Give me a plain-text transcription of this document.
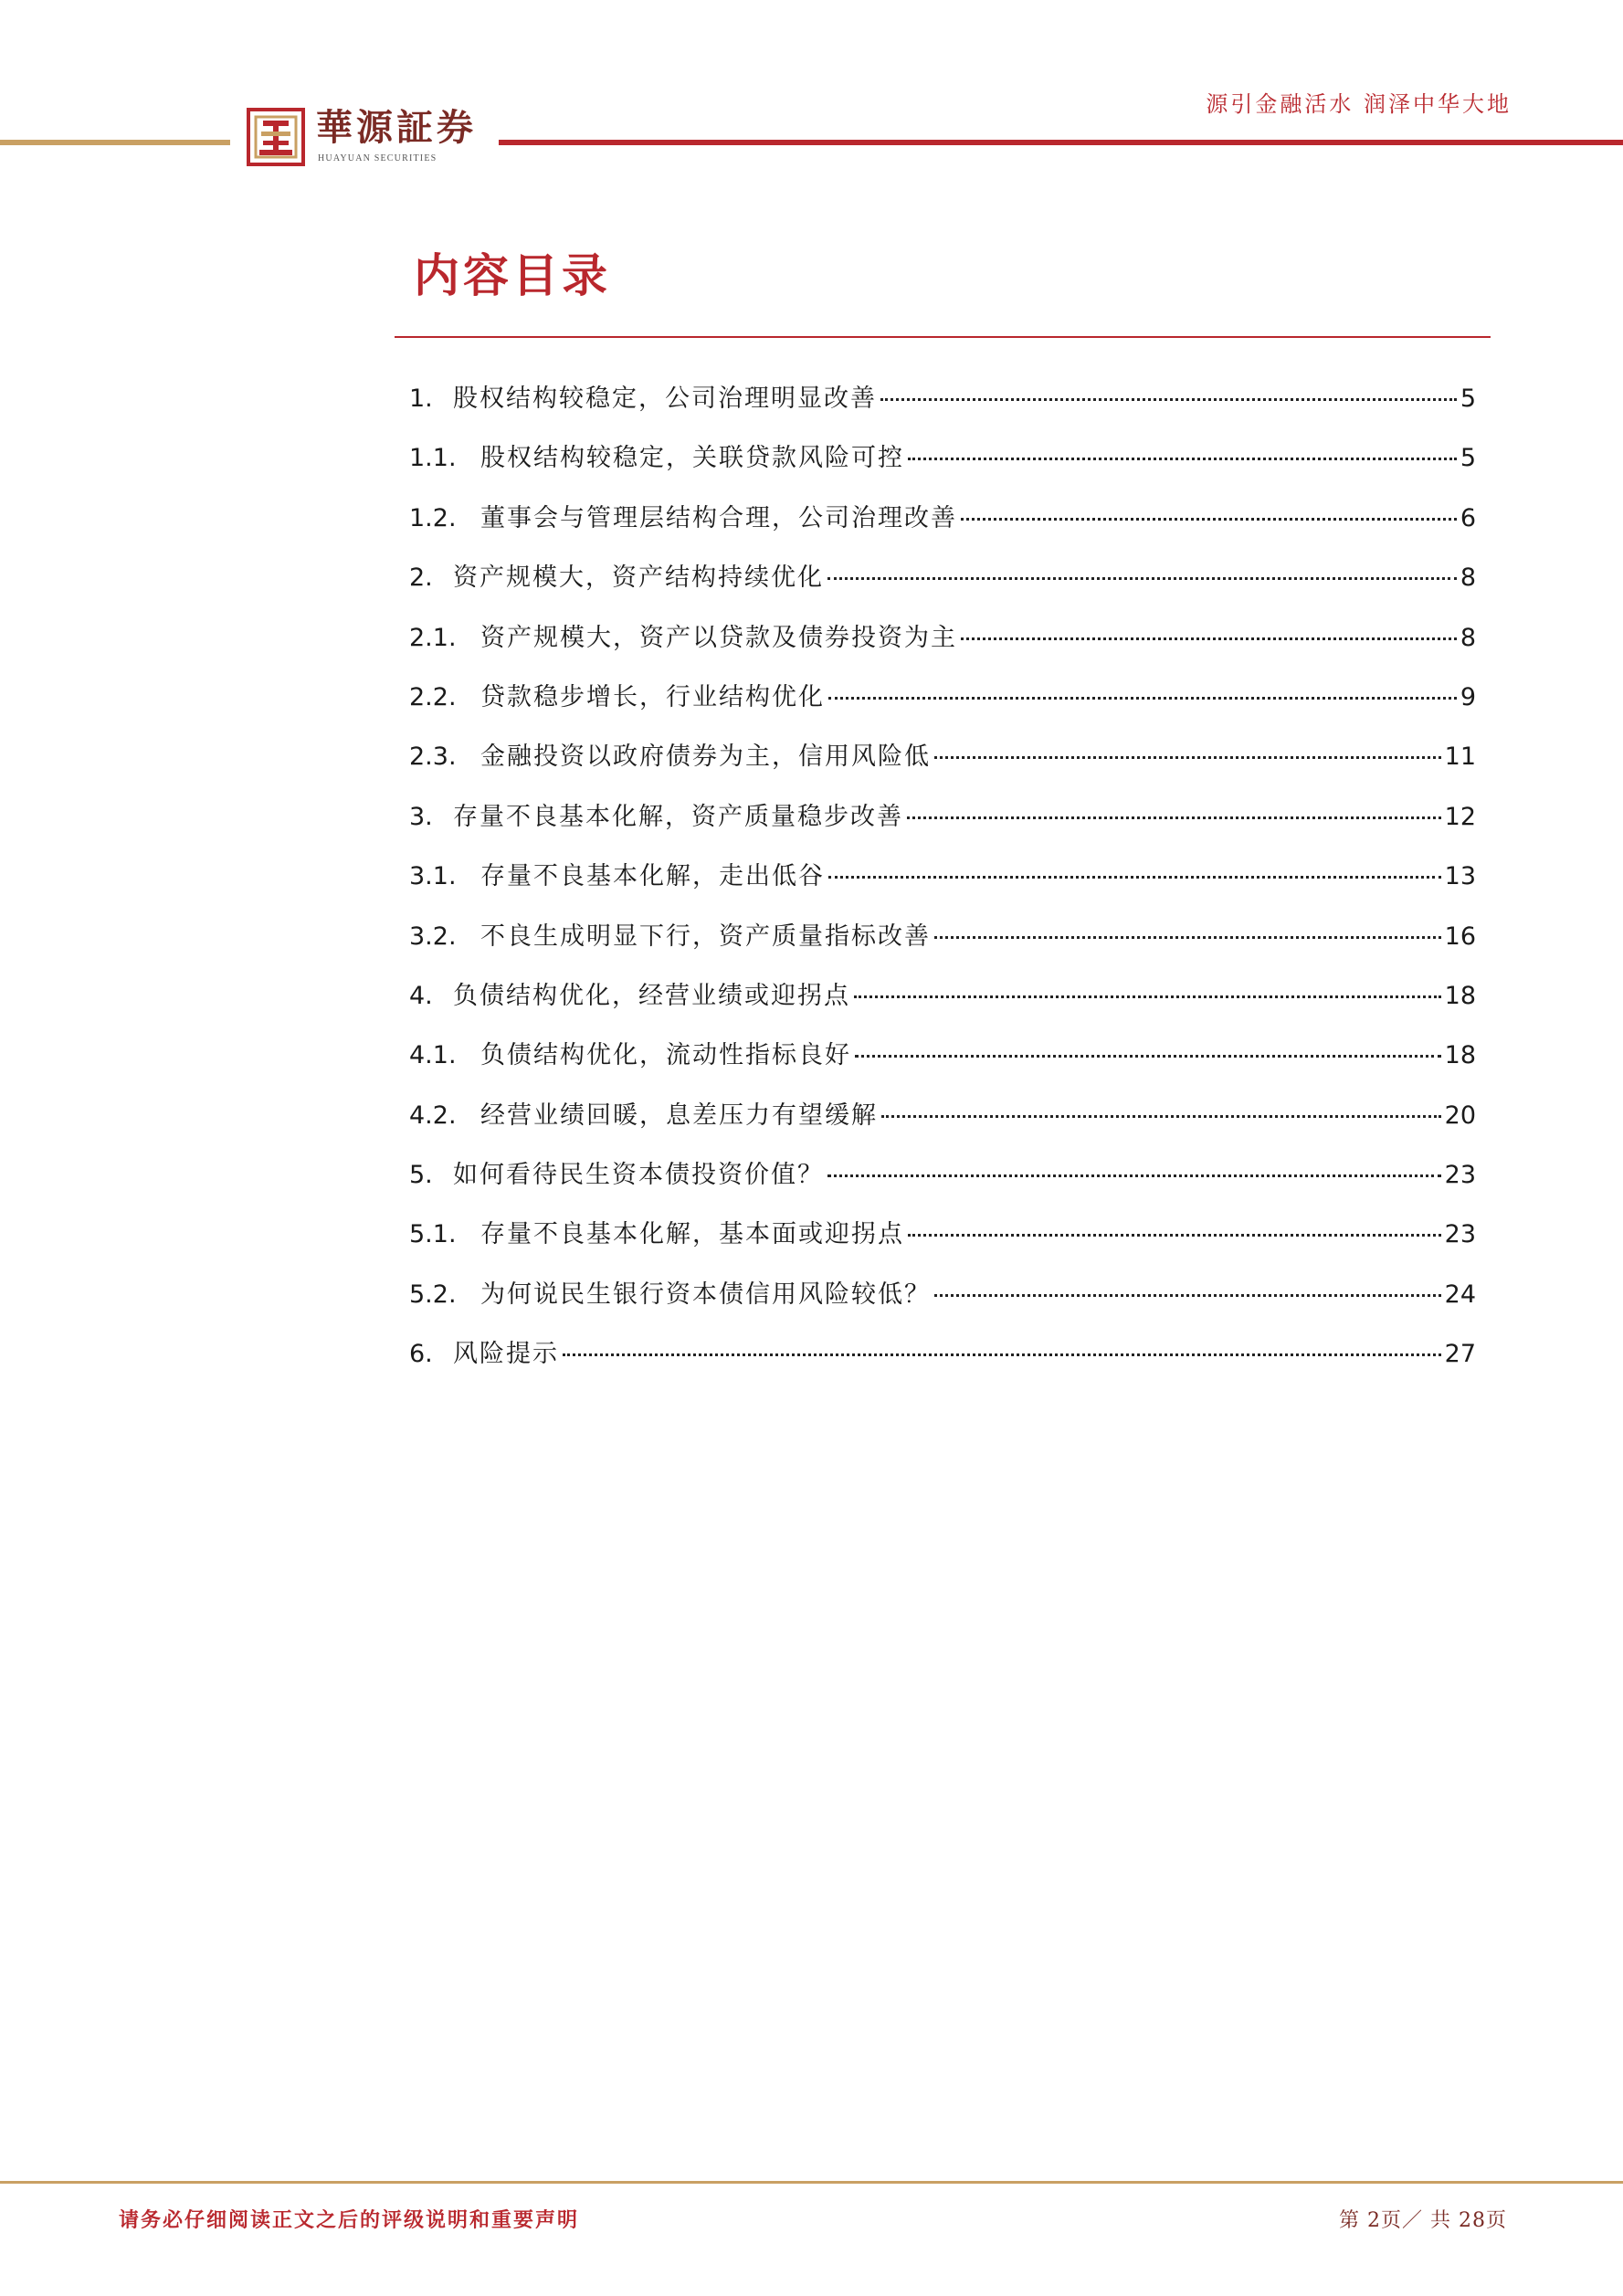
華源証券
HUAYUAN SECURITIES
源引金融活水 润泽中华大地
内容目录
1. 股权结构较稳定，公司治理明显改善	5
1.1. 股权结构较稳定，关联贷款风险可控	5
1.2. 董事会与管理层结构合理，公司治理改善	6
2. 资产规模大，资产结构持续优化	8
2.1. 资产规模大，资产以贷款及债券投资为主	8
2.2. 贷款稳步增长，行业结构优化	9
2.3. 金融投资以政府债券为主，信用风险低	11
3. 存量不良基本化解，资产质量稳步改善	12
3.1. 存量不良基本化解，走出低谷	13
3.2. 不良生成明显下行，资产质量指标改善	16
4. 负债结构优化，经营业绩或迎拐点	18
4.1. 负债结构优化，流动性指标良好	18
4.2. 经营业绩回暖，息差压力有望缓解	20
5. 如何看待民生资本债投资价值？	23
5.1. 存量不良基本化解，基本面或迎拐点	23
5.2. 为何说民生银行资本债信用风险较低？	24
6. 风险提示	27
请务必仔细阅读正文之后的评级说明和重要声明	第 2页／ 共 28页
